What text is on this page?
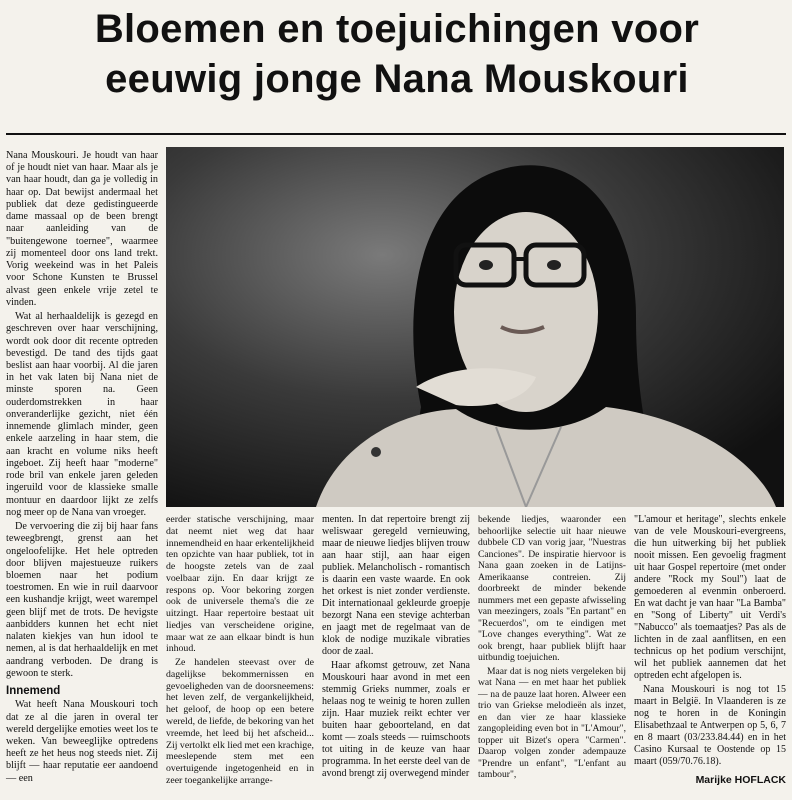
Bloemen en toejuichingen voor
eeuwig jonge Nana Mouskouri

Nana Mouskouri. Je houdt van haar of je houdt niet van haar. Maar als je van haar houdt, dan ga je volledig in haar op. Dat bewijst andermaal het publiek dat deze gedistingueerde dame massaal op de been brengt naar aanleiding van de "buitengewone toernee", waarmee zij momenteel door ons land trekt. Vorig weekeind was in het Paleis voor Schone Kunsten te Brussel alvast geen enkele vrije zetel te vinden.

Wat al herhaaldelijk is gezegd en geschreven over haar verschijning, wordt ook door dit recente optreden bevestigd. De tand des tijds gaat beslist aan haar voorbij. Al die jaren in het vak laten bij Nana niet de minste sporen na. Geen ouderdomstrekken in haar onveranderlijke gezicht, niet één innemende glimlach minder, geen enkele aarzeling in haar stem, die aan kracht en volume niks heeft ingeboet. Zij heeft haar "moderne" rode bril van enkele jaren geleden ingeruild voor de klassieke smalle montuur en daardoor lijkt ze zelfs nog meer op de Nana van vroeger.

De vervoering die zij bij haar fans teweegbrengt, grenst aan het ongeloofelijke. Het hele optreden door blijven majestueuze ruikers bloemen naar het podium toestromen. En wie in ruil daarvoor een kushandje krijgt, weet warempel geen blijf met de trots. De hevigste aanbidders kunnen het echt niet nalaten kiekjes van hun idool te nemen, al is dat herhaaldelijk en met aandrang verboden. De drang is gewoon te sterk.

Innemend

Wat heeft Nana Mouskouri toch dat ze al die jaren in overal ter wereld dergelijke emoties weet los te weken. Van beweeglijke optredens heeft ze het heus nog steeds niet. Zij blijft — haar reputatie eer aandoend — een

eerder statische verschijning, maar dat neemt niet weg dat haar innemendheid en haar erkentelijkheid ten opzichte van haar publiek, tot in de hoogste zetels van de zaal voelbaar zijn. En daar krijgt ze respons op. Voor bekoring zorgen ook de universele thema's die ze uitzingt. Haar repertoire bestaat uit liedjes van verscheidene origine, maar wat ze aan elkaar bindt is hun inhoud.

Ze handelen steevast over de dagelijkse bekommernissen en gevoeligheden van de doorsneemens: het leven zelf, de vergankelijkheid, het geloof, de hoop op een betere wereld, de liefde, de bekoring van het vreemde, het leed bij het afscheid... Zij vertolkt elk lied met een krachige, meeslepende stem met een overtuigende ingetogenheid en in zeer toegankelijke arrange-

menten. In dat repertoire brengt zij weliswaar geregeld vernieuwing, maar de nieuwe liedjes blijven trouw aan haar stijl, aan haar eigen publiek. Melancholisch - romantisch is daarin een vaste waarde. En ook het orkest is niet zonder verdienste. Dit internationaal gekleurde groepje bezorgt Nana een stevige achterban en jaagt met de regelmaat van de klok de nodige muzikale vibraties door de zaal.

Haar afkomst getrouw, zet Nana Mouskouri haar avond in met een stemmig Grieks nummer, zoals er helaas nog te weinig te horen zullen zijn. Haar muziek reikt echter ver buiten haar geboorteland, en dat komt — zoals steeds — ruimschoots tot uiting in de keuze van haar programma. In het eerste deel van de avond brengt zij overwegend minder

bekende liedjes, waaronder een behoorlijke selectie uit haar nieuwe dubbele CD van vorig jaar, "Nuestras Canciones". De inspiratie hiervoor is Nana gaan zoeken in de Latijns-Amerikaanse contreien. Zij doorbreekt de minder bekende nummers met een gepaste afwisseling van meezingers, zoals "En partant" en "Recuerdos", om te eindigen met "Love changes everything". Wat ze ook brengt, haar publiek blijft haar uitbundig toejuichen.

Maar dat is nog niets vergeleken bij wat Nana — en met haar het publiek — na de pauze laat horen. Alweer een trio van Griekse melodieën als inzet, en dan vier ze haar klassieke zangopleiding even bot in "L'Amour", topper uit Bizet's opera "Carmen". Daarop volgen zonder adempauze "Prendre un enfant", "L'enfant au tambour",

"L'amour et heritage", slechts enkele van de vele Mouskouri-evergreens, die hun uitwerking bij het publiek nooit missen. Een gevoelig fragment uit haar Gospel repertoire (met onder andere "Rock my Soul") laat de gemoederen al evenmin onberoerd. En wat dacht je van haar "La Bamba" en "Song of Liberty" uit Verdi's "Nabucco" als toemaatjes? Pas als de lichten in de zaal aanflitsen, en een technicus op het podium verschijnt, wil het publiek aannemen dat het optreden echt afgelopen is.

Nana Mouskouri is nog tot 15 maart in België. In Vlaanderen is ze nog te horen in de Koningin Elisabethzaal te Antwerpen op 5, 6, 7 en 8 maart (03/233.84.44) en in het Casino Kursaal te Oostende op 15 maart (059/70.76.18).

Marijke HOFLACK
